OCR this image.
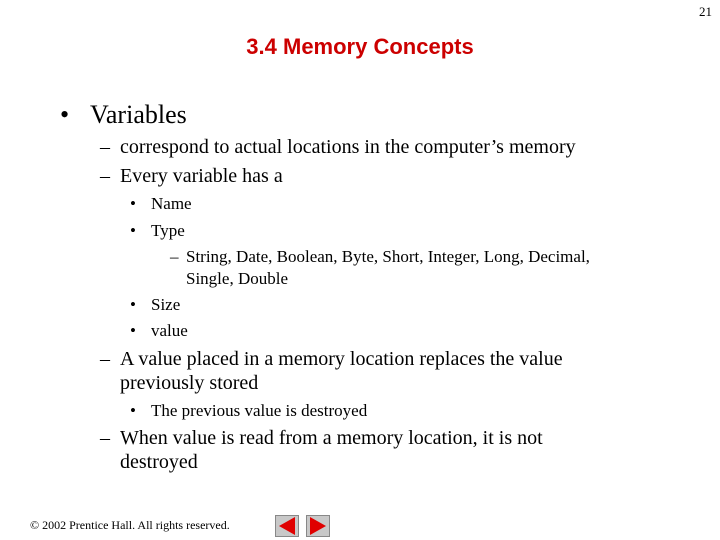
21
3.4 Memory Concepts
• Variables
– correspond to actual locations in the computer’s memory
– Every variable has a
• Name
• Type
– String, Date, Boolean, Byte, Short, Integer, Long, Decimal,
Single, Double
• Size
• value
– A value placed in a memory location replaces the value
previously stored
• The previous value is destroyed
– When value is read from a memory location, it is not
destroyed
© 2002 Prentice Hall. All rights reserved.
